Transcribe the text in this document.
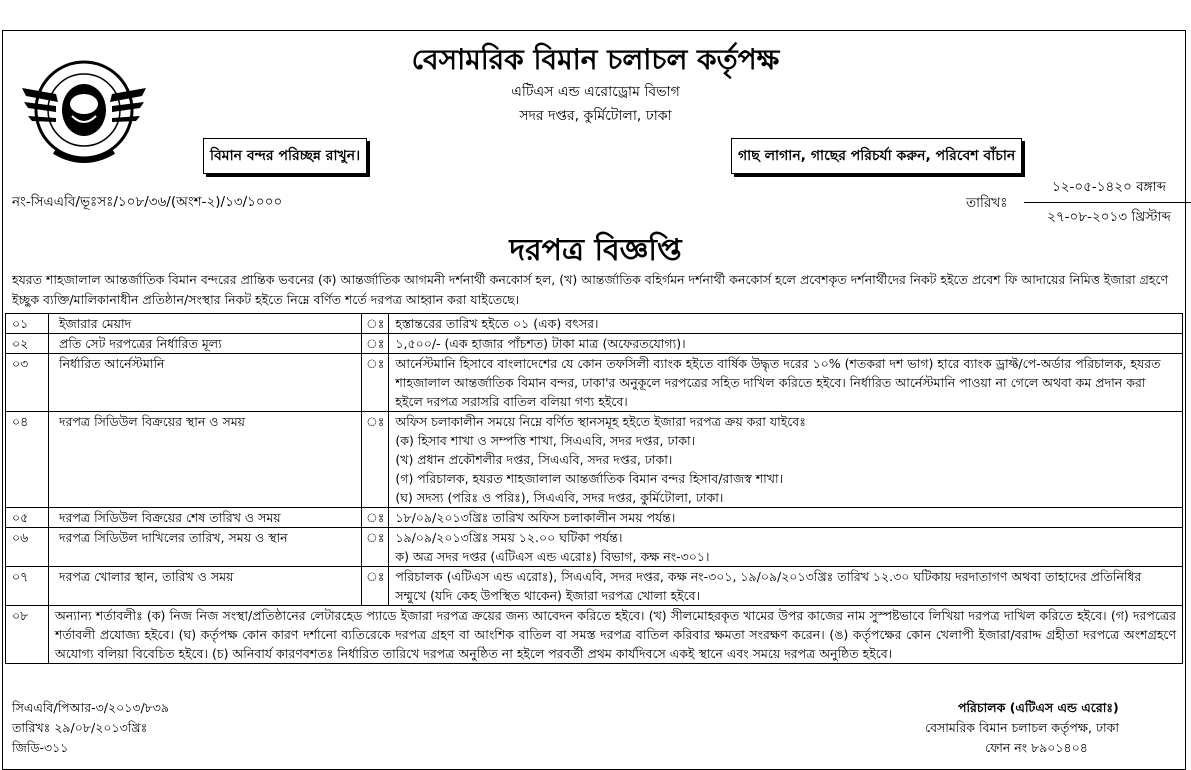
বেসামরিক বিমান চলাচল কর্তৃপক্ষ
এটিএস এন্ড এরোড্রোম বিভাগ
সদর দপ্তর, কুর্মিটোলা, ঢাকা
বিমান বন্দর পরিচ্ছন্ন রাখুন।	গাছ লাগান, গাছের পরিচর্যা করুন, পরিবেশ বাঁচান
নং-সিএএবি/ভূঃসঃ/১০৮/৩৬/(অংশ-২)/১৩/১০০০	তারিখঃ
১২-০৫-১৪২০ বঙ্গাব্দ
২৭-০৮-২০১৩ খ্রিস্টাব্দ
দরপত্র বিজ্ঞপ্তি
হযরত শাহজালাল আন্তর্জাতিক বিমান বন্দরের প্রান্তিক ভবনের (ক) আন্তর্জাতিক আগমনী দর্শনার্থী কনকোর্স হল, (খ) আন্তর্জাতিক বহির্গমন দর্শনার্থী কনকোর্স হলে প্রবেশকৃত দর্শনার্থীদের নিকট হইতে প্রবেশ ফি আদায়ের নিমিত্ত ইজারা গ্রহণে ইচ্ছুক ব্যক্তি/মালিকানাধীন প্রতিষ্ঠান/সংস্থার নিকট হইতে নিম্নে বর্ণিত শর্তে দরপত্র আহ্বান করা যাইতেছে।
০১	ইজারার মেয়াদ	ঃ	হস্তান্তরের তারিখ হইতে ০১ (এক) বৎসর।

০২	প্রতি সেট দরপত্রের নির্ধারিত মূল্য	ঃ	১,৫০০/- (এক হাজার পাঁচশত) টাকা মাত্র (অফেরতযোগ্য)।

০৩	নির্ধারিত আর্নেস্টমানি	ঃ	আর্নেস্টমানি হিসাবে বাংলাদেশের যে কোন তফসিলী ব্যাংক হইতে বার্ষিক উদ্ধৃত দরের ১০% (শতকরা দশ ভাগ) হারে ব্যাংক ড্রাফ্ট/পে-অর্ডার পরিচালক, হযরত শাহজালাল আন্তর্জাতিক বিমান বন্দর, ঢাকা'র অনুকূলে দরপত্রের সহিত দাখিল করিতে হইবে। নির্ধারিত আর্নেস্টমানি পাওয়া না গেলে অথবা কম প্রদান করা হইলে দরপত্র সরাসরি বাতিল বলিয়া গণ্য হইবে।

০৪	দরপত্র সিডিউল বিক্রয়ের স্থান ও সময়	ঃ	অফিস চলাকালীন সময়ে নিম্নে বর্ণিত স্থানসমূহ হইতে ইজারা দরপত্র ক্রয় করা যাইবেঃ
(ক) হিসাব শাখা ও সম্পত্তি শাখা, সিএএবি, সদর দপ্তর, ঢাকা।
(খ) প্রধান প্রকৌশলীর দপ্তর, সিএএবি, সদর দপ্তর, ঢাকা।
(গ) পরিচালক, হযরত শাহজালাল আন্তর্জাতিক বিমান বন্দর হিসাব/রাজস্ব শাখা।
(ঘ) সদস্য (পরিঃ ও পরিঃ), সিএএবি, সদর দপ্তর, কুর্মিটোলা, ঢাকা।

০৫	দরপত্র সিডিউল বিক্রয়ের শেষ তারিখ ও সময়	ঃ	১৮/০৯/২০১৩খ্রিঃ তারিখ অফিস চলাকালীন সময় পর্যন্ত।

০৬	দরপত্র সিডিউল দাখিলের তারিখ, সময় ও স্থান	ঃ	১৯/০৯/২০১৩খ্রিঃ সময় ১২.০০ ঘটিকা পর্যন্ত।
ক) অত্র সদর দপ্তর (এটিএস এন্ড এরোঃ) বিভাগ, কক্ষ নং-৩০১।

০৭	দরপত্র খোলার স্থান, তারিখ ও সময়	ঃ	পরিচালক (এটিএস এন্ড এরোঃ), সিএএবি, সদর দপ্তর, কক্ষ নং-৩০১, ১৯/০৯/২০১৩খ্রিঃ তারিখ ১২.৩০ ঘটিকায় দরদাতাগণ অথবা তাহাদের প্রতিনিধির সম্মুখে (যদি কেহ উপস্থিত থাকেন) ইজারা দরপত্র খোলা হইবে।

০৮	অন্যান্য শর্তাবলীঃ (ক) নিজ নিজ সংস্থা/প্রতিষ্ঠানের লেটারহেড প্যাডে ইজারা দরপত্র ক্রয়ের জন্য আবেদন করিতে হইবে। (খ) সীলমোহরকৃত খামের উপর কাজের নাম সুস্পষ্টভাবে লিখিয়া দরপত্র দাখিল করিতে হইবে। (গ) দরপত্রের শর্তাবলী প্রযোজ্য হইবে। (ঘ) কর্তৃপক্ষ কোন কারণ দর্শানো ব্যতিরেকে দরপত্র গ্রহণ বা আংশিক বাতিল বা সমস্ত দরপত্র বাতিল করিবার ক্ষমতা সংরক্ষণ করেন। (ঙ) কর্তৃপক্ষের কোন খেলাপী ইজারা/বরাদ্দ গ্রহীতা দরপত্রে অংশগ্রহণে অযোগ্য বলিয়া বিবেচিত হইবে। (চ) অনিবার্য কারণবশতঃ নির্ধারিত তারিখে দরপত্র অনুষ্ঠিত না হইলে পরবর্তী প্রথম কার্যদিবসে একই স্থানে এবং সময়ে দরপত্র অনুষ্ঠিত হইবে।		
সিএএবি/পিআর-৩/২০১৩/৮৩৯
তারিখঃ ২৯/০৮/২০১৩খ্রিঃ
জিডি-৩১১
পরিচালক (এটিএস এন্ড এরোঃ)
বেসামরিক বিমান চলাচল কর্তৃপক্ষ, ঢাকা
ফোন নং ৮৯০১৪০৪
